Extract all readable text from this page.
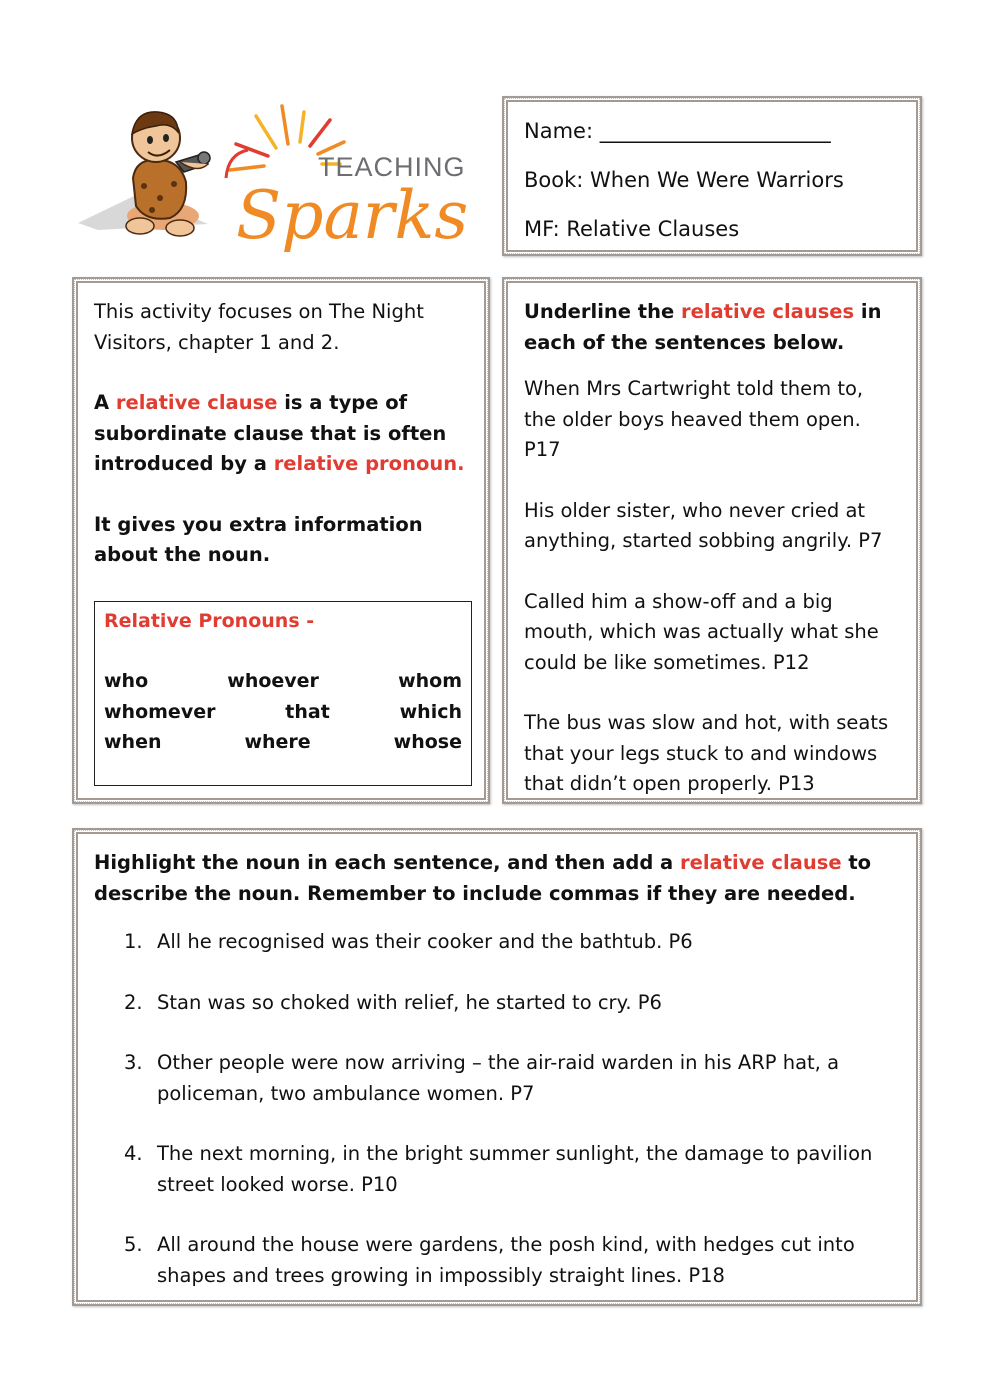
TEACHING
Sparks

Name: ______________________

Book: When We Were Warriors

MF: Relative Clauses

This activity focuses on The Night Visitors, chapter 1 and 2.

A relative clause is a type of subordinate clause that is often introduced by a relative pronoun.

It gives you extra information about the noun.

Relative Pronouns -

who	whoever	whom
whomever	that	which
when	where	whose

Underline the relative clauses in each of the sentences below.

When Mrs Cartwright told them to, the older boys heaved them open. P17

His older sister, who never cried at anything, started sobbing angrily. P7

Called him a show-off and a big mouth, which was actually what she could be like sometimes. P12

The bus was slow and hot, with seats that your legs stuck to and windows that didn’t open properly. P13

Highlight the noun in each sentence, and then add a relative clause to describe the noun. Remember to include commas if they are needed.

1. All he recognised was their cooker and the bathtub. P6
2. Stan was so choked with relief, he started to cry. P6
3. Other people were now arriving – the air-raid warden in his ARP hat, a policeman, two ambulance women. P7
4. The next morning, in the bright summer sunlight, the damage to pavilion street looked worse. P10
5. All around the house were gardens, the posh kind, with hedges cut into shapes and trees growing in impossibly straight lines. P18
